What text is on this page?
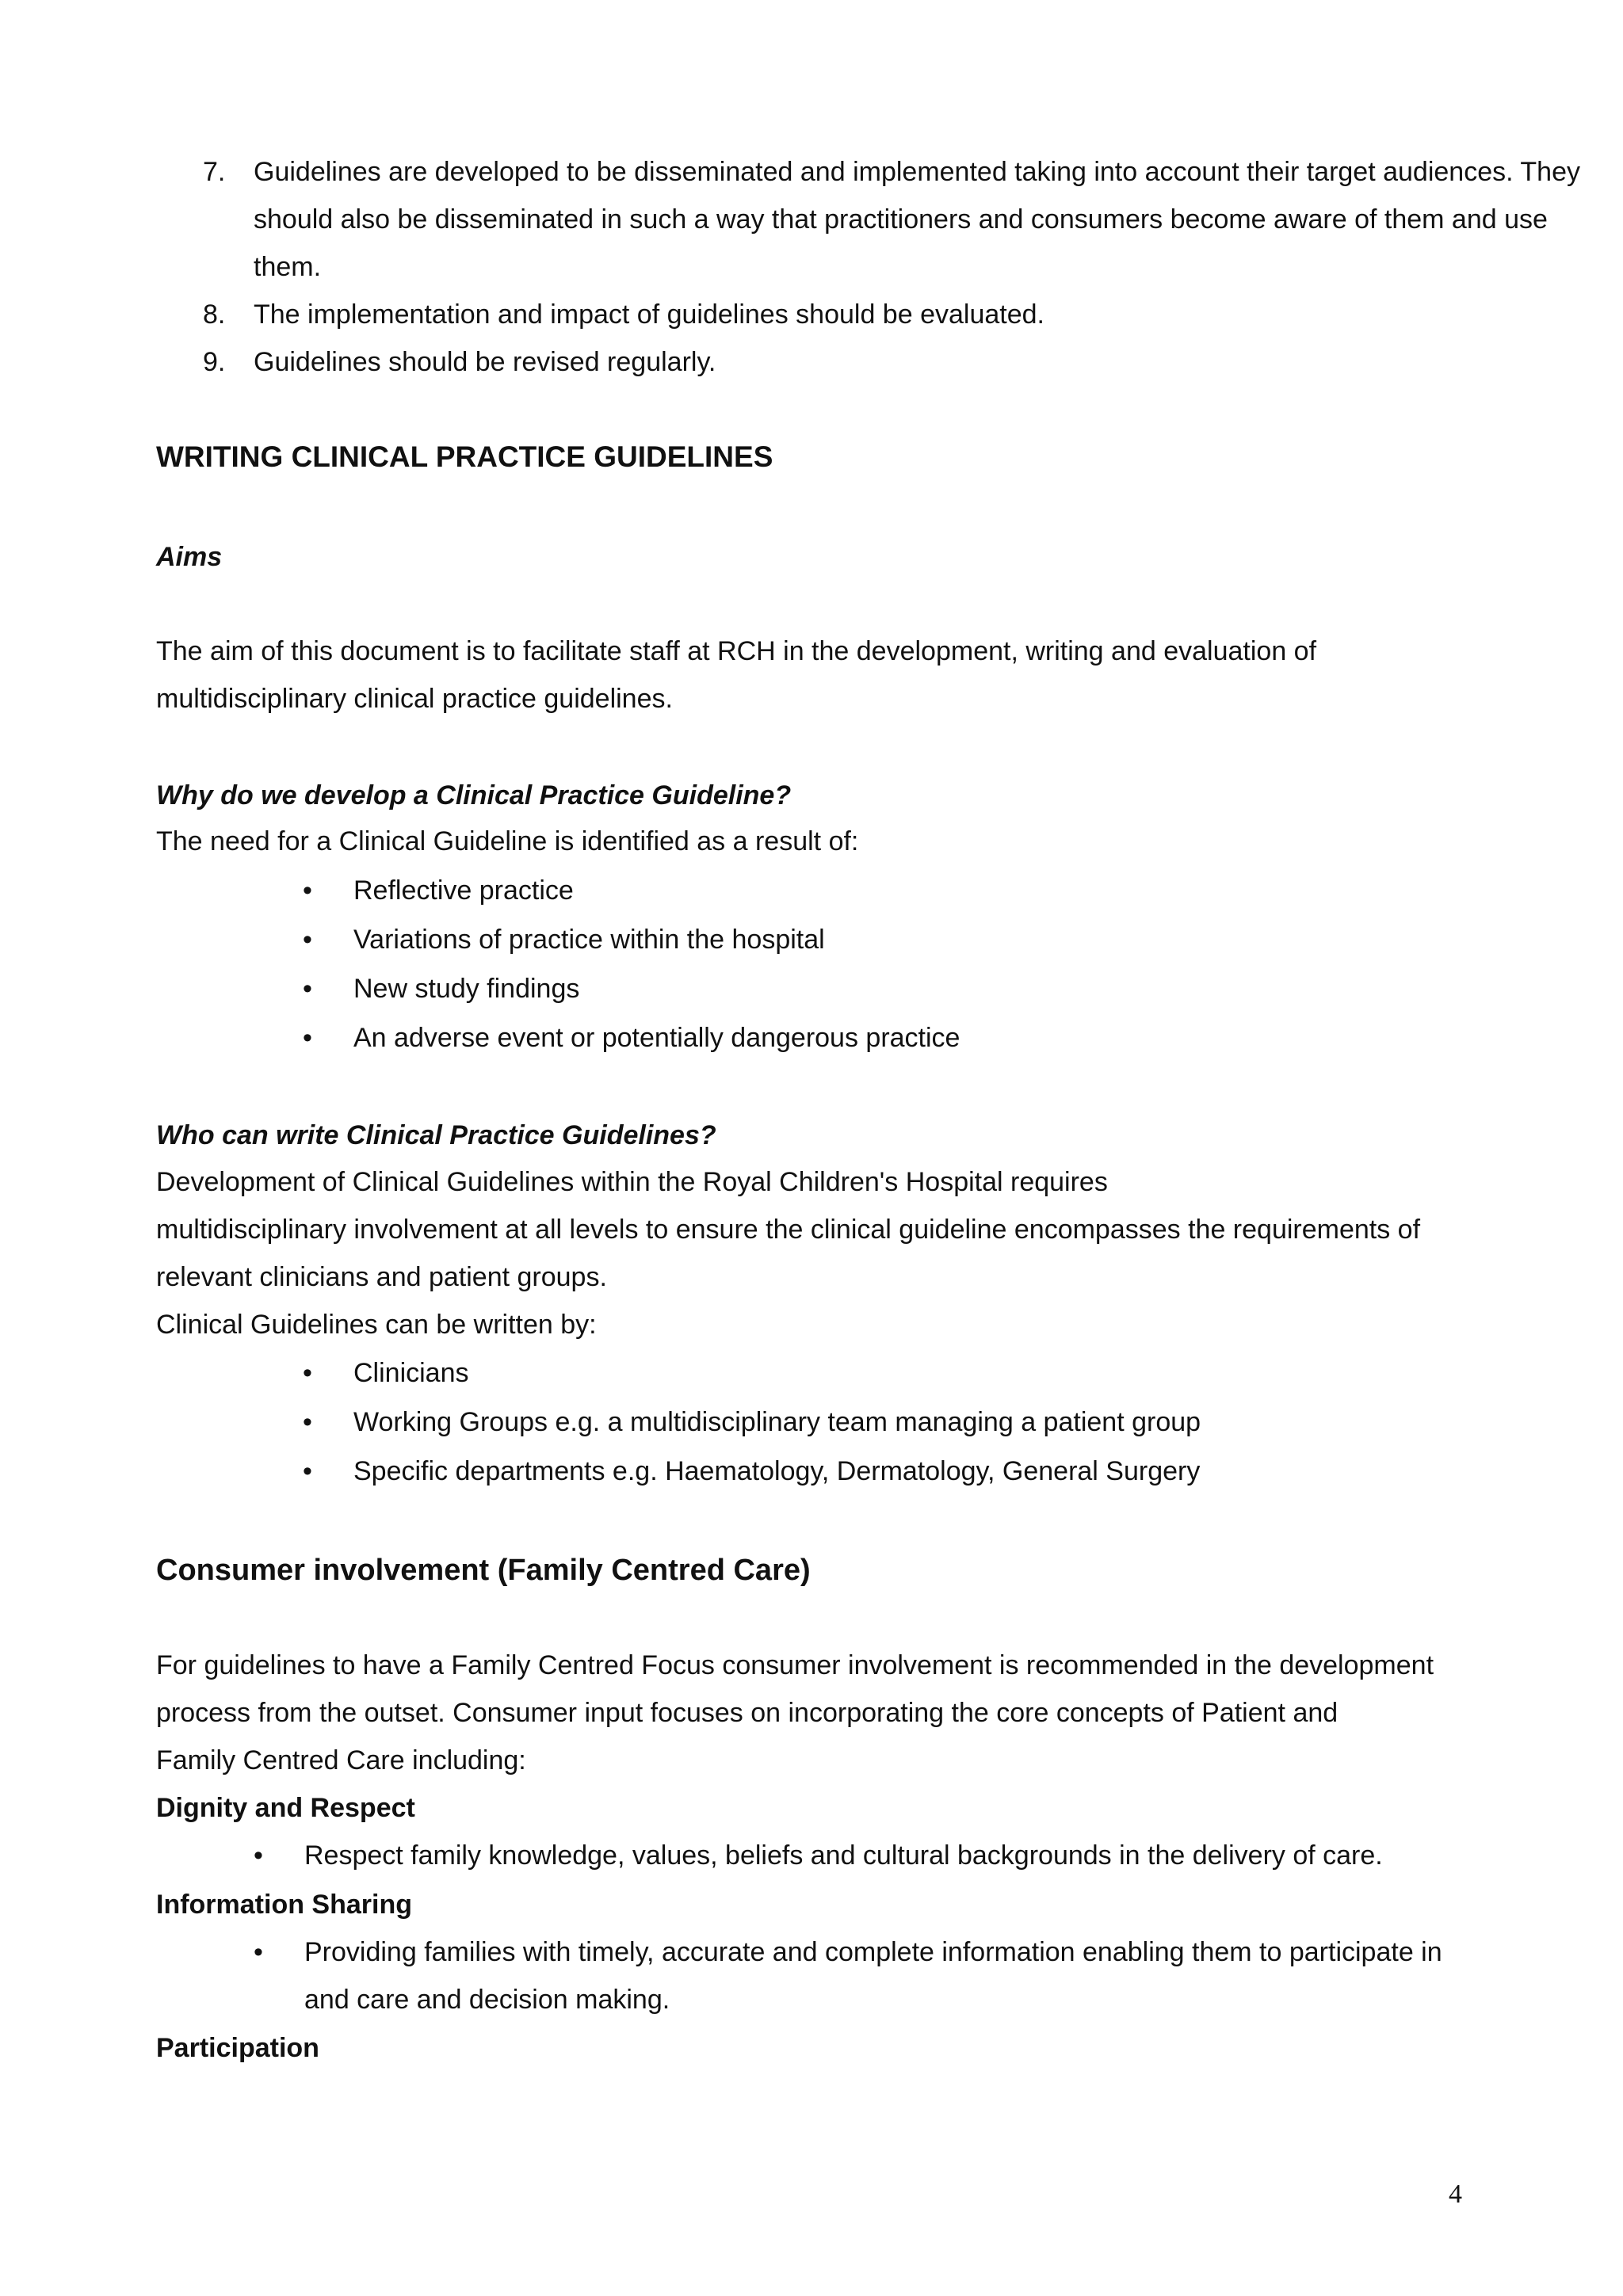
7.	Guidelines are developed to be disseminated and implemented taking into account their target audiences. They should also be disseminated in such a way that practitioners and consumers become aware of them and use them.
8.	The implementation and impact of guidelines should be evaluated.
9.	Guidelines should be revised regularly.
WRITING CLINICAL PRACTICE GUIDELINES
Aims
The aim of this document is to facilitate staff at RCH in the development, writing and evaluation of
multidisciplinary clinical practice guidelines.
Why do we develop a Clinical Practice Guideline?
The need for a Clinical Guideline is identified as a result of:
•	Reflective practice
•	Variations of practice within the hospital
•	New study findings
•	An adverse event or potentially dangerous practice
Who can write Clinical Practice Guidelines?
Development of Clinical Guidelines within the Royal Children's Hospital requires
multidisciplinary involvement at all levels to ensure the clinical guideline encompasses the requirements of
relevant clinicians and patient groups.
Clinical Guidelines can be written by:
•	Clinicians
•	Working Groups e.g. a multidisciplinary team managing a patient group
•	Specific departments e.g. Haematology, Dermatology, General Surgery
Consumer involvement (Family Centred Care)
For guidelines to have a Family Centred Focus consumer involvement is recommended in the development
process from the outset. Consumer input focuses on incorporating the core concepts of Patient and
Family Centred Care including:
Dignity and Respect
•	Respect family knowledge, values, beliefs and cultural backgrounds in the delivery of care.
Information Sharing
•	Providing families with timely, accurate and complete information enabling them to participate in and care and decision making.
Participation
4
